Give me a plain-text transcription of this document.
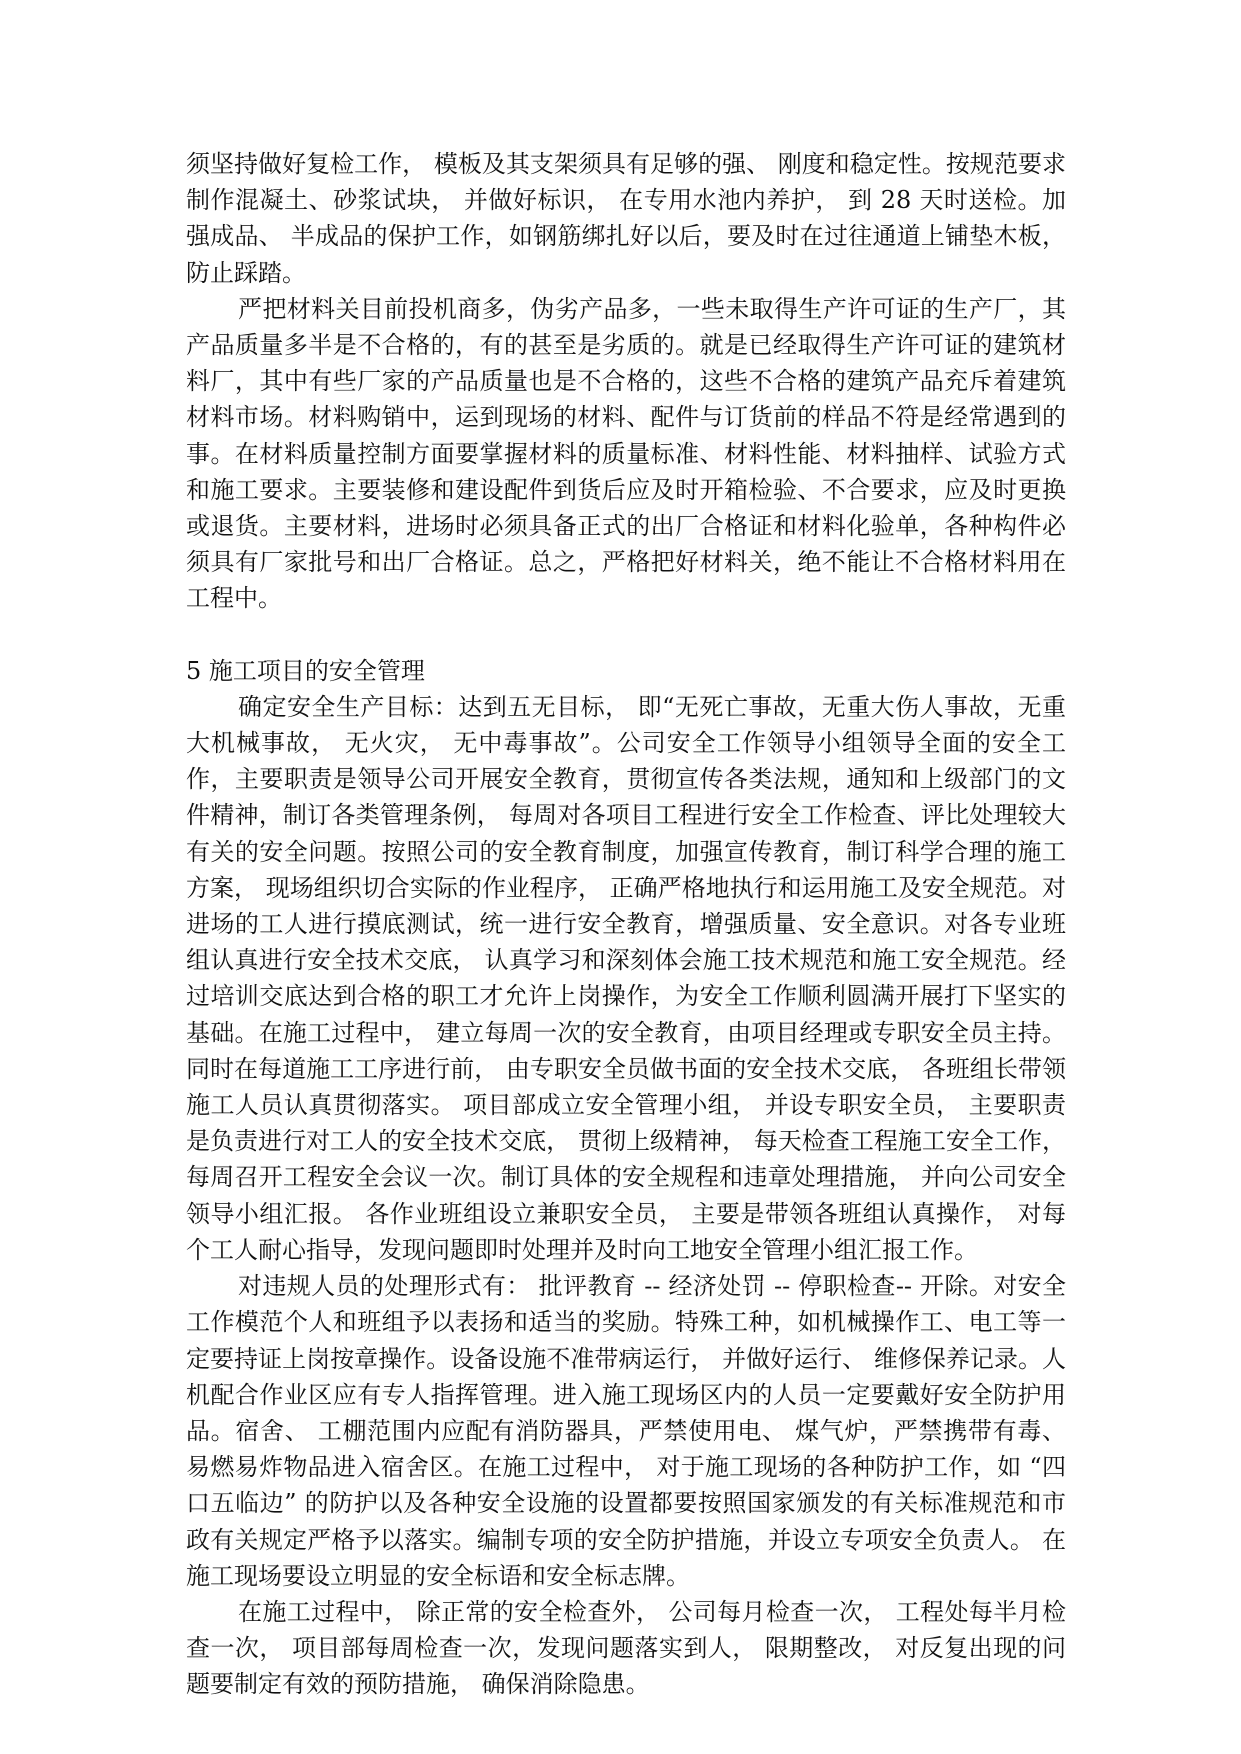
须坚持做好复检工作， 模板及其支架须具有足够的强、 刚度和稳定性。按规范要求制作混凝土、砂浆试块， 并做好标识， 在专用水池内养护， 到 28 天时送检。加强成品、 半成品的保护工作，如钢筋绑扎好以后，要及时在过往通道上铺垫木板， 防止踩踏。

严把材料关目前投机商多，伪劣产品多，一些未取得生产许可证的生产厂，其产品质量多半是不合格的，有的甚至是劣质的。就是已经取得生产许可证的建筑材料厂，其中有些厂家的产品质量也是不合格的，这些不合格的建筑产品充斥着建筑材料市场。材料购销中，运到现场的材料、配件与订货前的样品不符是经常遇到的事。在材料质量控制方面要掌握材料的质量标准、材料性能、材料抽样、试验方式和施工要求。主要装修和建设配件到货后应及时开箱检验、不合要求，应及时更换或退货。主要材料，进场时必须具备正式的出厂合格证和材料化验单，各种构件必须具有厂家批号和出厂合格证。总之，严格把好材料关，绝不能让不合格材料用在工程中。

5 施工项目的安全管理

确定安全生产目标：达到五无目标， 即“无死亡事故，无重大伤人事故，无重大机械事故， 无火灾， 无中毒事故”。公司安全工作领导小组领导全面的安全工作，主要职责是领导公司开展安全教育，贯彻宣传各类法规，通知和上级部门的文件精神，制订各类管理条例， 每周对各项目工程进行安全工作检查、评比处理较大有关的安全问题。按照公司的安全教育制度，加强宣传教育，制订科学合理的施工方案， 现场组织切合实际的作业程序， 正确严格地执行和运用施工及安全规范。对进场的工人进行摸底测试，统一进行安全教育，增强质量、安全意识。对各专业班组认真进行安全技术交底， 认真学习和深刻体会施工技术规范和施工安全规范。经过培训交底达到合格的职工才允许上岗操作，为安全工作顺利圆满开展打下坚实的基础。在施工过程中， 建立每周一次的安全教育，由项目经理或专职安全员主持。 同时在每道施工工序进行前， 由专职安全员做书面的安全技术交底， 各班组长带领施工人员认真贯彻落实。 项目部成立安全管理小组， 并设专职安全员， 主要职责是负责进行对工人的安全技术交底， 贯彻上级精神， 每天检查工程施工安全工作， 每周召开工程安全会议一次。制订具体的安全规程和违章处理措施， 并向公司安全领导小组汇报。 各作业班组设立兼职安全员， 主要是带领各班组认真操作， 对每个工人耐心指导，发现问题即时处理并及时向工地安全管理小组汇报工作。

对违规人员的处理形式有： 批评教育 -- 经济处罚 -- 停职检查-- 开除。对安全工作模范个人和班组予以表扬和适当的奖励。特殊工种，如机械操作工、电工等一定要持证上岗按章操作。设备设施不准带病运行， 并做好运行、 维修保养记录。人机配合作业区应有专人指挥管理。进入施工现场区内的人员一定要戴好安全防护用品。宿舍、 工棚范围内应配有消防器具，严禁使用电、 煤气炉，严禁携带有毒、 易燃易炸物品进入宿舍区。在施工过程中， 对于施工现场的各种防护工作，如 “四口五临边” 的防护以及各种安全设施的设置都要按照国家颁发的有关标准规范和市政有关规定严格予以落实。编制专项的安全防护措施，并设立专项安全负责人。 在施工现场要设立明显的安全标语和安全标志牌。

在施工过程中， 除正常的安全检查外， 公司每月检查一次， 工程处每半月检查一次， 项目部每周检查一次，发现问题落实到人， 限期整改， 对反复出现的问题要制定有效的预防措施， 确保消除隐患。
